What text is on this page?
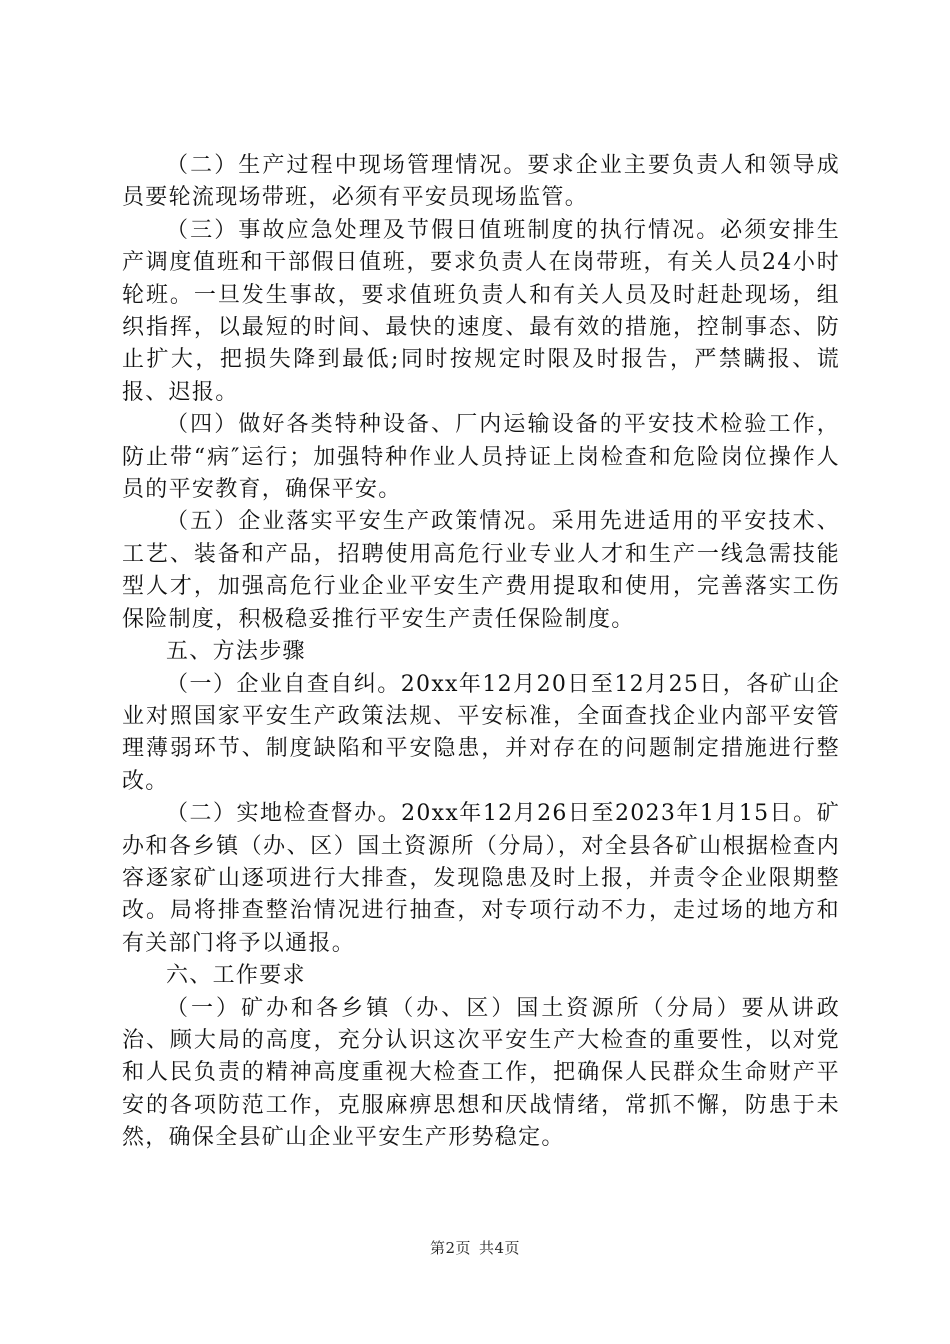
（二）生产过程中现场管理情况。要求企业主要负责人和领导成员要轮流现场带班，必须有平安员现场监管。

（三）事故应急处理及节假日值班制度的执行情况。必须安排生产调度值班和干部假日值班，要求负责人在岗带班，有关人员24小时轮班。一旦发生事故，要求值班负责人和有关人员及时赶赴现场，组织指挥，以最短的时间、最快的速度、最有效的措施，控制事态、防止扩大，把损失降到最低;同时按规定时限及时报告，严禁瞒报、谎报、迟报。

（四）做好各类特种设备、厂内运输设备的平安技术检验工作，防止带“病″运行；加强特种作业人员持证上岗检查和危险岗位操作人员的平安教育，确保平安。

（五）企业落实平安生产政策情况。采用先进适用的平安技术、工艺、装备和产品，招聘使用高危行业专业人才和生产一线急需技能型人才，加强高危行业企业平安生产费用提取和使用，完善落实工伤保险制度，积极稳妥推行平安生产责任保险制度。

五、方法步骤

（一）企业自查自纠。20xx年12月20日至12月25日，各矿山企业对照国家平安生产政策法规、平安标准，全面查找企业内部平安管理薄弱环节、制度缺陷和平安隐患，并对存在的问题制定措施进行整改。

（二）实地检查督办。20xx年12月26日至2023年1月15日。矿办和各乡镇（办、区）国土资源所（分局），对全县各矿山根据检查内容逐家矿山逐项进行大排查，发现隐患及时上报，并责令企业限期整改。局将排查整治情况进行抽查，对专项行动不力，走过场的地方和有关部门将予以通报。

六、工作要求

（一）矿办和各乡镇（办、区）国土资源所（分局）要从讲政治、顾大局的高度，充分认识这次平安生产大检查的重要性，以对党和人民负责的精神高度重视大检查工作，把确保人民群众生命财产平安的各项防范工作，克服麻痹思想和厌战情绪，常抓不懈，防患于未然，确保全县矿山企业平安生产形势稳定。

第2页 共4页
